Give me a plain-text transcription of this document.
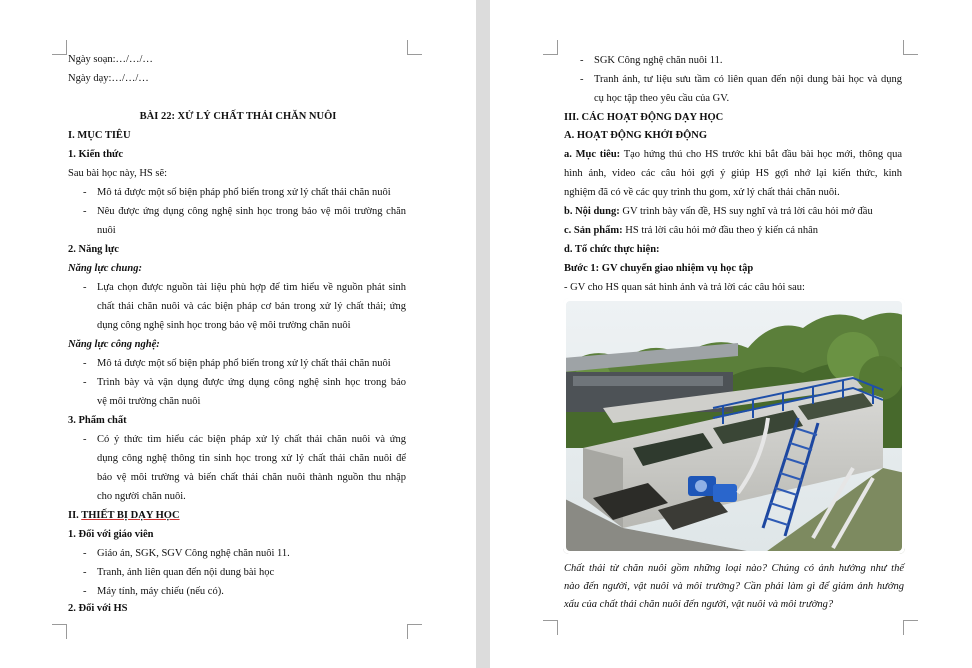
Ngày soạn:…/…/…
Ngày dạy:…/…/…
BÀI 22: XỬ LÝ CHẤT THẢI CHĂN NUÔI
I. MỤC TIÊU
1. Kiến thức
Sau bài học này, HS sẽ:
- Mô tả được một số biện pháp phổ biến trong xử lý chất thải chăn nuôi
- Nêu được ứng dụng công nghệ sinh học trong bảo vệ môi trường chăn
nuôi
2. Năng lực
Năng lực chung:
- Lựa chọn được nguồn tài liệu phù hợp để tìm hiểu về nguồn phát sinh
chất thải chăn nuôi và các biện pháp cơ bản trong xử lý chất thải; ứng
dụng công nghệ sinh học trong bảo vệ môi trường chăn nuôi
Năng lực công nghệ:
- Mô tả được một số biện pháp phổ biến trong xử lý chất thải chăn nuôi
- Trình bày và vận dụng được ứng dụng công nghệ sinh học trong bảo
vệ môi trường chăn nuôi
3. Phẩm chất
- Có ý thức tìm hiểu các biện pháp xử lý chất thải chăn nuôi và ứng
dụng công nghệ thông tin sinh học trong xử lý chất thải chăn nuôi để
bảo vệ môi trường và biến chất thải chăn nuôi thành nguồn thu nhập
cho người chăn nuôi.
II. THIẾT BỊ DẠY HỌC
1. Đối với giáo viên
- Giáo án, SGK, SGV Công nghệ chăn nuôi 11.
- Tranh, ảnh liên quan đến nội dung bài học
- Máy tính, máy chiếu (nếu có).
2. Đối với HS
- SGK Công nghệ chăn nuôi 11.
- Tranh ảnh, tư liệu sưu tầm có liên quan đến nội dung bài học và dụng
cụ học tập theo yêu cầu của GV.
III. CÁC HOẠT ĐỘNG DẠY HỌC
A. HOẠT ĐỘNG KHỞI ĐỘNG
a. Mục tiêu: Tạo hứng thú cho HS trước khi bắt đầu bài học mới, thông qua
hình ảnh, video các câu hỏi gợi ý giúp HS gợi nhớ lại kiến thức, kinh
nghiệm đã có về các quy trình thu gom, xử lý chất thải chăn nuôi.
b. Nội dung: GV trình bày vấn đề, HS suy nghĩ và trả lời câu hỏi mở đầu
c. Sản phẩm: HS trả lời câu hỏi mở đầu theo ý kiến cá nhân
d. Tổ chức thực hiện:
Bước 1: GV chuyển giao nhiệm vụ học tập
- GV cho HS quan sát hình ảnh và trả lời các câu hỏi sau:
Chất thải từ chăn nuôi gồm những loại nào? Chúng có ảnh hưởng như thế
nào đến người, vật nuôi và môi trường? Cần phải làm gì để giảm ảnh hưởng
xấu của chất thải chăn nuôi đến người, vật nuôi và môi trường?
